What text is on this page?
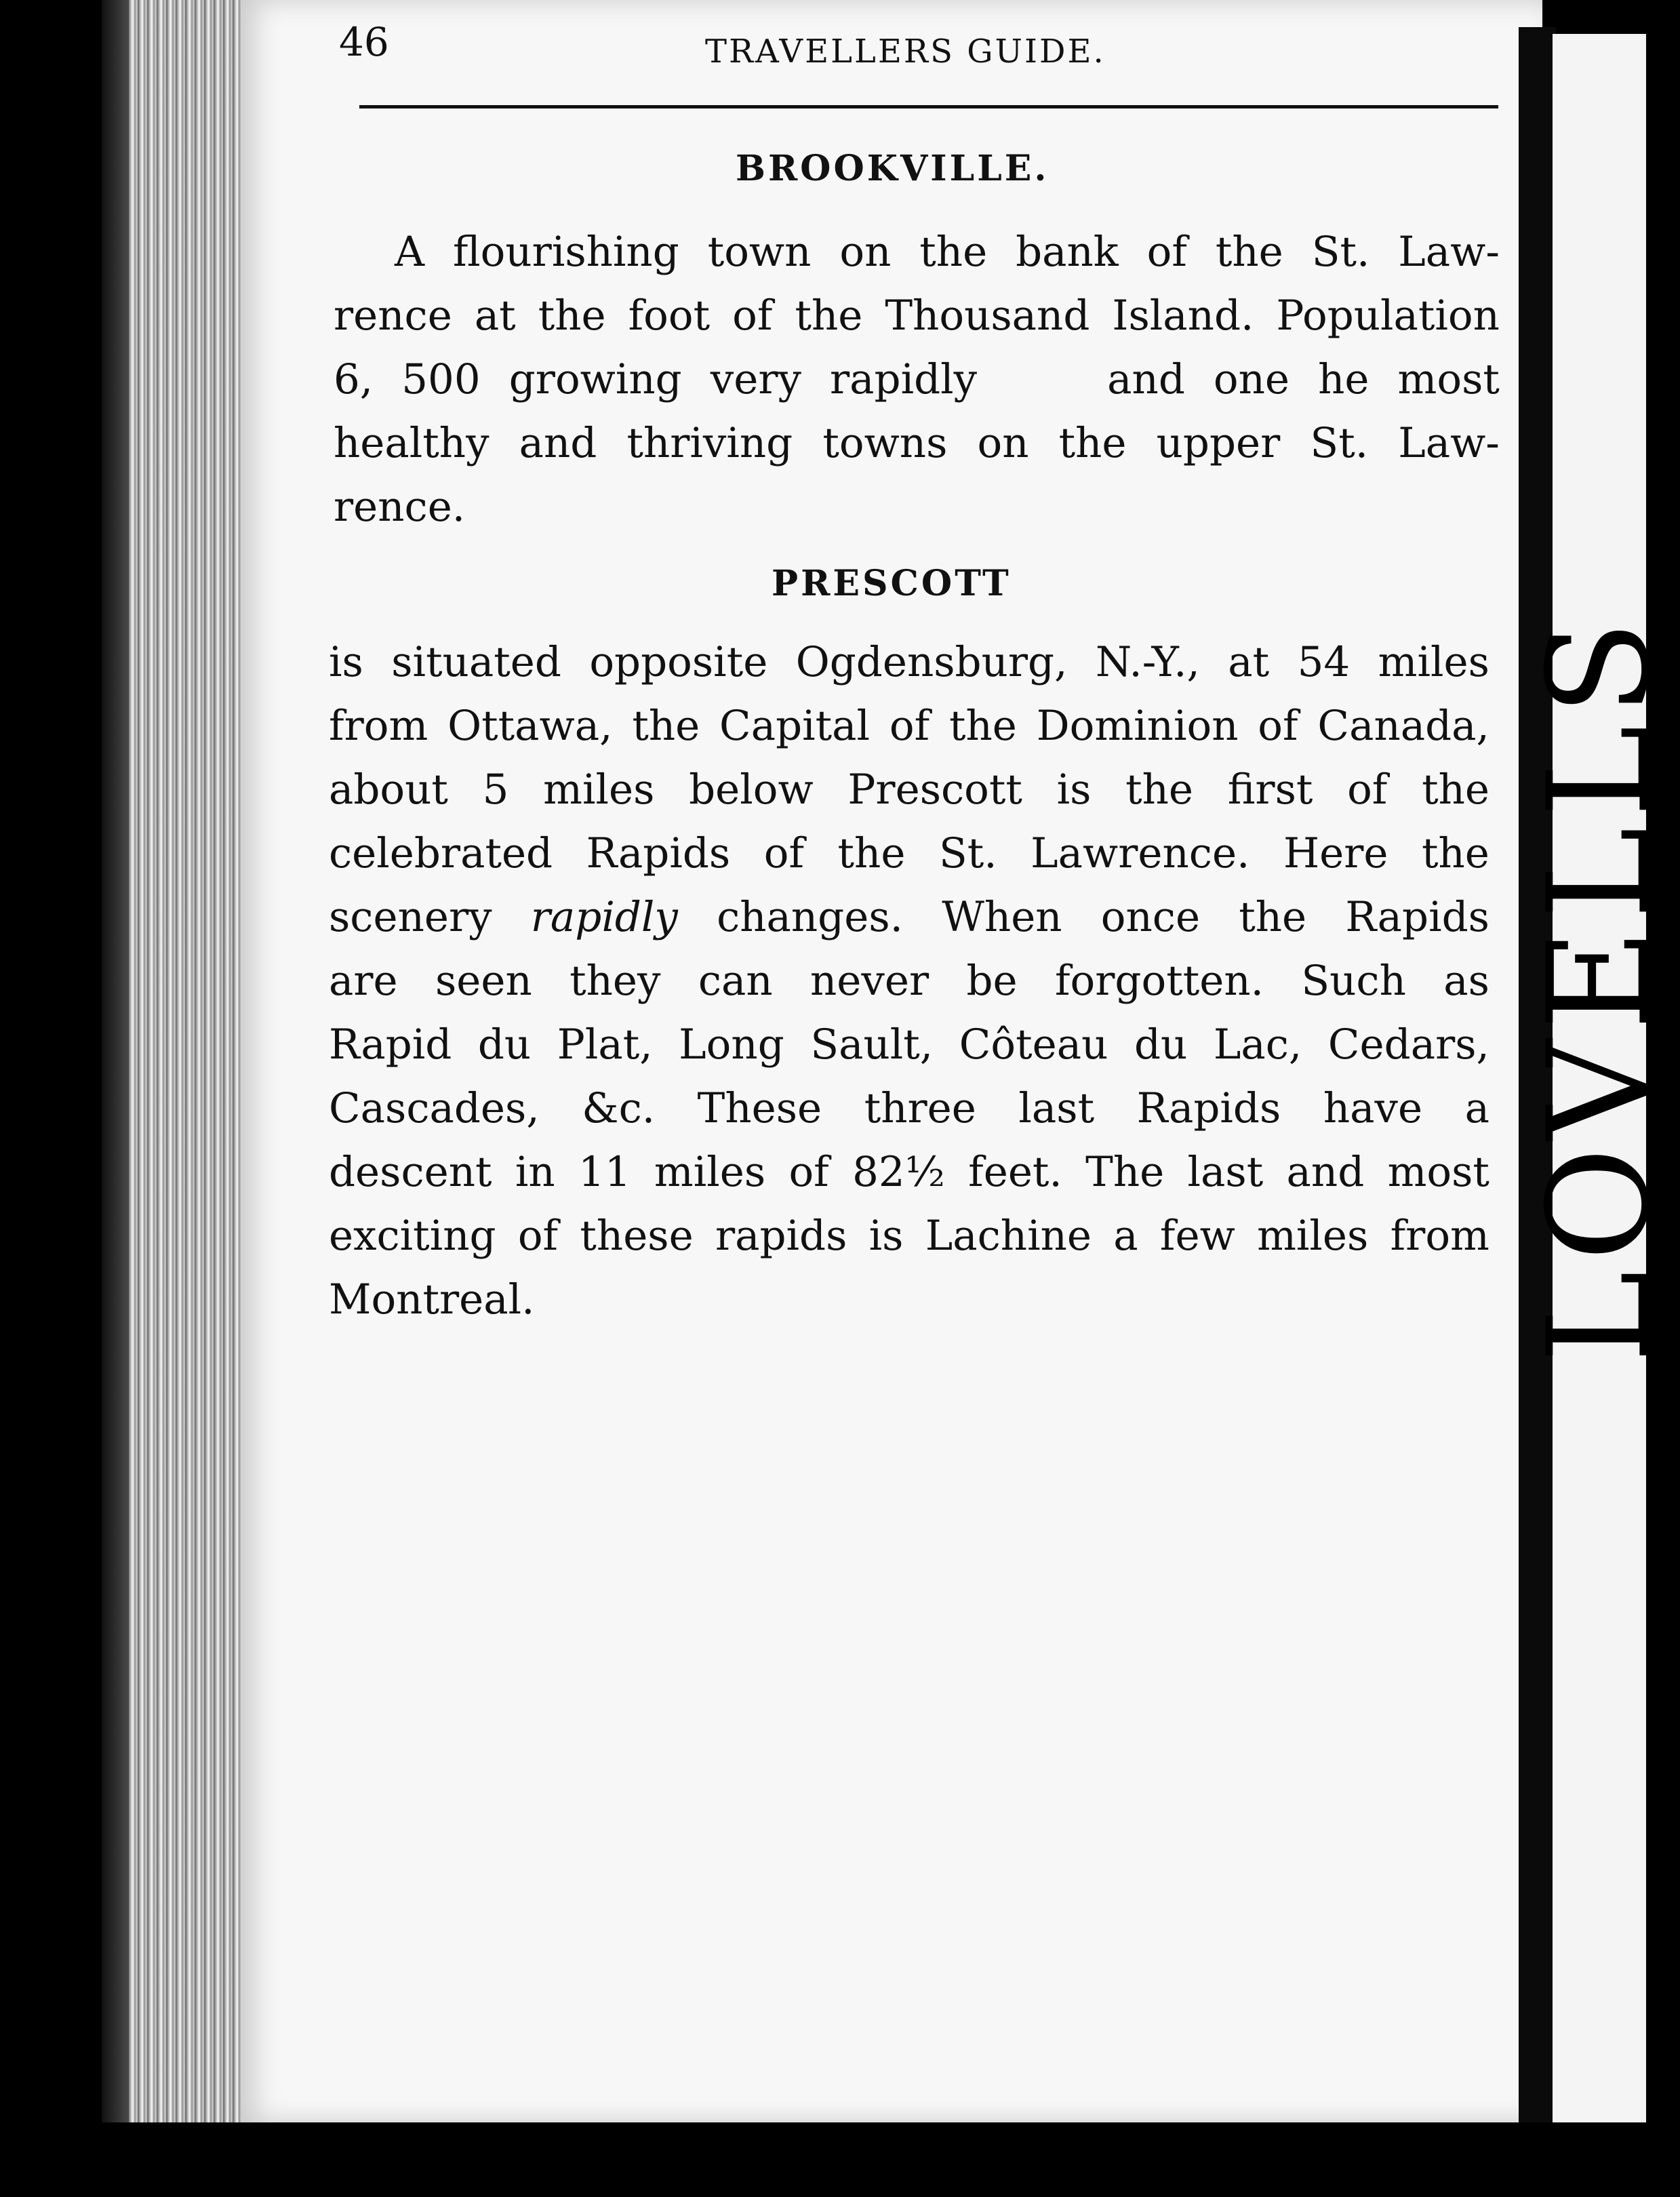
LOVELLS
46	TRAVELLERS GUIDE.
BROOKVILLE.
A flourishing town on the bank of the St. Law-
rence at the foot of the Thousand Island. Population
6, 500 growing very rapidly	and one he most
healthy and thriving towns on the upper St. Law-
rence.
PRESCOTT
is situated opposite Ogdensburg, N.-Y., at 54 miles
from Ottawa, the Capital of the Dominion of Canada,
about 5 miles below Prescott is the first of the
celebrated Rapids of the St. Lawrence. Here the
scenery rapidly changes. When once the Rapids
are seen they can never be forgotten. Such as
Rapid du Plat, Long Sault, Côteau du Lac, Cedars,
Cascades, &c. These three last Rapids have a
descent in 11 miles of 82½ feet. The last and most
exciting of these rapids is Lachine a few miles from
Montreal.
